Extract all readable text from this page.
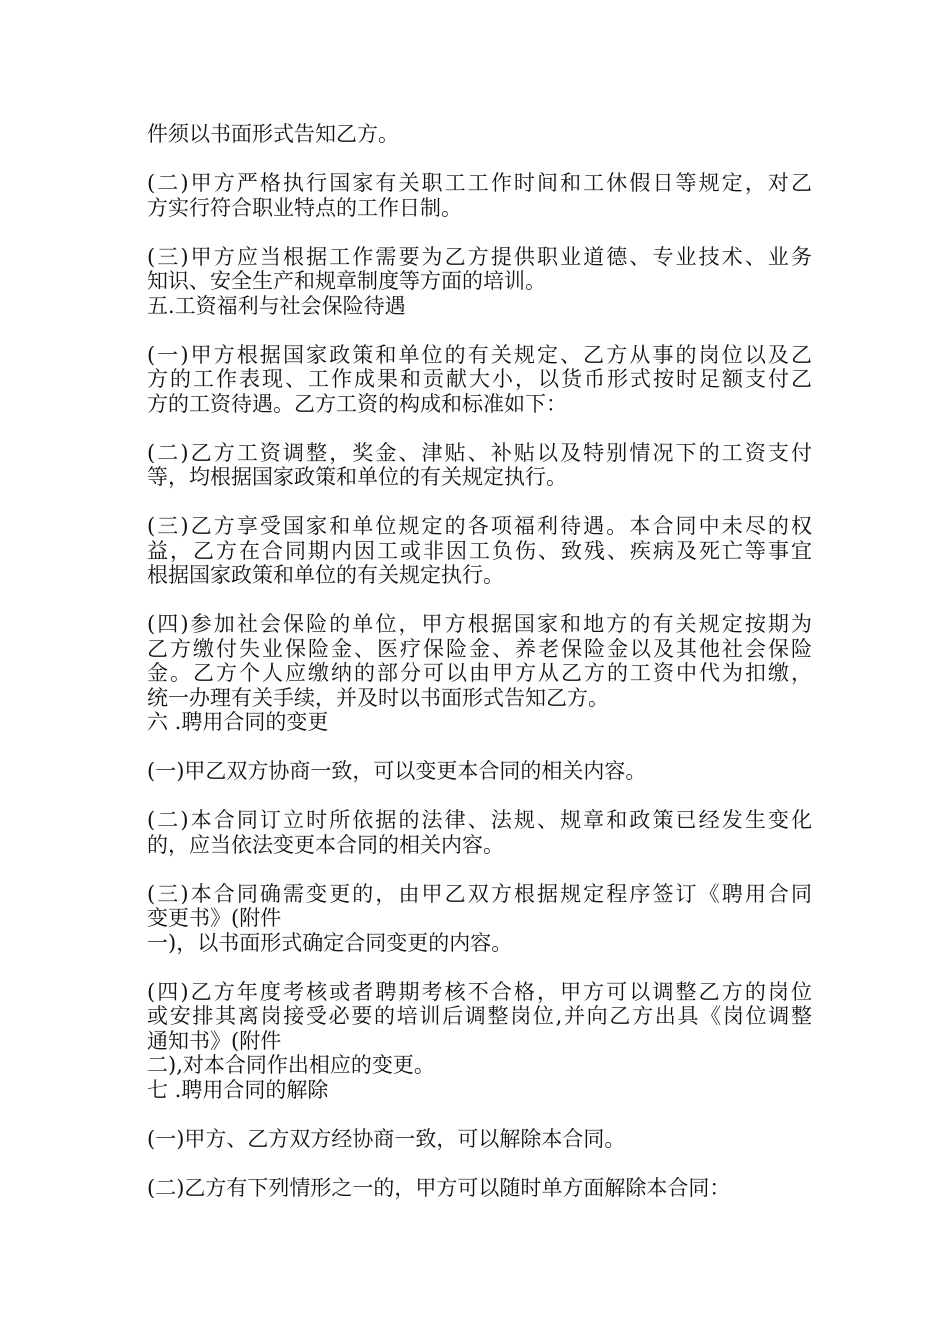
件须以书面形式告知乙方。
(二)甲方严格执行国家有关职工工作时间和工休假日等规定，对乙
方实行符合职业特点的工作日制。
(三)甲方应当根据工作需要为乙方提供职业道德、专业技术、业务
知识、安全生产和规章制度等方面的培训。
五.工资福利与社会保险待遇
(一)甲方根据国家政策和单位的有关规定、乙方从事的岗位以及乙
方的工作表现、工作成果和贡献大小，以货币形式按时足额支付乙
方的工资待遇。乙方工资的构成和标准如下：
(二)乙方工资调整，奖金、津贴、补贴以及特别情况下的工资支付
等，均根据国家政策和单位的有关规定执行。
(三)乙方享受国家和单位规定的各项福利待遇。本合同中未尽的权
益，乙方在合同期内因工或非因工负伤、致残、疾病及死亡等事宜
根据国家政策和单位的有关规定执行。
(四)参加社会保险的单位，甲方根据国家和地方的有关规定按期为
乙方缴付失业保险金、医疗保险金、养老保险金以及其他社会保险
金。乙方个人应缴纳的部分可以由甲方从乙方的工资中代为扣缴，
统一办理有关手续，并及时以书面形式告知乙方。
六 .聘用合同的变更
(一)甲乙双方协商一致，可以变更本合同的相关内容。
(二)本合同订立时所依据的法律、法规、规章和政策已经发生变化
的，应当依法变更本合同的相关内容。
(三)本合同确需变更的，由甲乙双方根据规定程序签订《聘用合同
变更书》(附件
一)，以书面形式确定合同变更的内容。
(四)乙方年度考核或者聘期考核不合格，甲方可以调整乙方的岗位
或安排其离岗接受必要的培训后调整岗位,并向乙方出具《岗位调整
通知书》(附件
二),对本合同作出相应的变更。
七 .聘用合同的解除
(一)甲方、乙方双方经协商一致，可以解除本合同。
(二)乙方有下列情形之一的，甲方可以随时单方面解除本合同：
